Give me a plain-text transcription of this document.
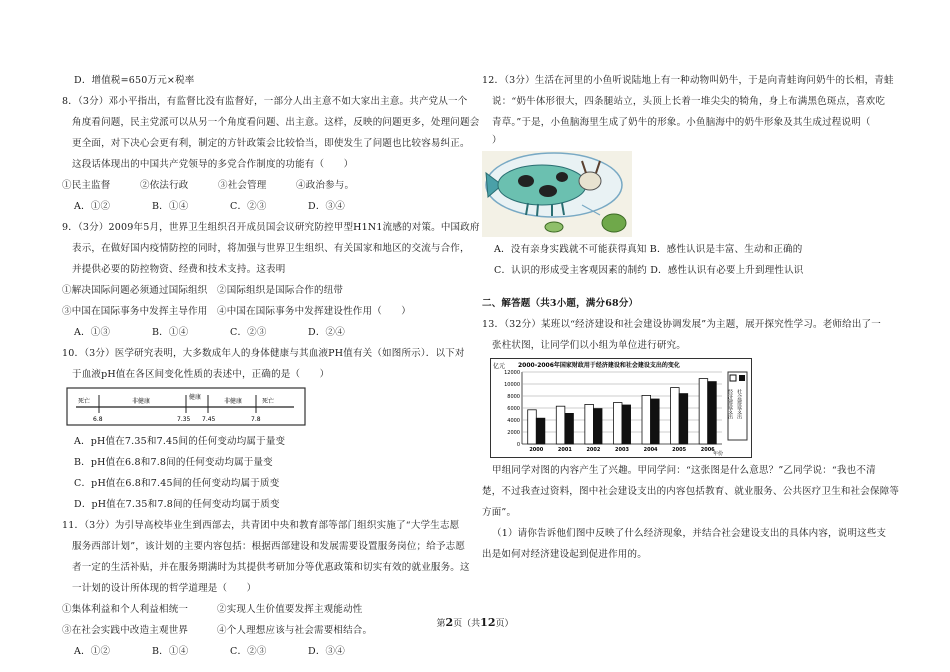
D．增值税=650万元×税率
8．（3分）邓小平指出，有监督比没有监督好，一部分人出主意不如大家出主意。共产党从一个
角度看问题，民主党派可以从另一个角度看问题、出主意。这样，反映的问题更多，处理问题会
更全面，对下决心会更有利，制定的方针政策会比较恰当，即使发生了问题也比较容易纠正。
这段话体现出的中国共产党领导的多党合作制度的功能有（　　）
①民主监督	②依法行政	③社会管理	④政治参与。
A．①②	B．①④	C．②③	D．③④
9．（3分）2009年5月，世界卫生组织召开成员国会议研究防控甲型H1N1流感的对策。中国政府
表示，在做好国内疫情防控的同时，将加强与世界卫生组织、有关国家和地区的交流与合作，
并提供必要的防控物资、经费和技术支持。这表明
①解决国际问题必须通过国际组织 ②国际组织是国际合作的纽带
③中国在国际事务中发挥主导作用 ④中国在国际事务中发挥建设性作用（　　）
A．①③	B．①④	C．②③	D．②④
10．（3分）医学研究表明，大多数成年人的身体健康与其血液PH值有关（如图所示）．以下对
于血液pH值在各区间变化性质的表述中，正确的是（　　）
死亡	非健康
健康
非健康	死亡
6.8	7.35 7.45	7.8
A．pH值在7.35和7.45间的任何变动均属于量变
B．pH值在6.8和7.8间的任何变动均属于量变
C．pH值在6.8和7.45间的任何变动均属于质变
D．pH值在7.35和7.8间的任何变动均属于质变
11．（3分）为引导高校毕业生到西部去，共青团中央和教育部等部门组织实施了“大学生志愿
服务西部计划”，该计划的主要内容包括：根据西部建设和发展需要设置服务岗位；给予志愿
者一定的生活补贴，并在服务期满时为其提供考研加分等优惠政策和切实有效的就业服务。这
一计划的设计所体现的哲学道理是（　　）
①集体利益和个人利益相统一	②实现人生价值要发挥主观能动性
③在社会实践中改造主观世界	④个人理想应该与社会需要相结合。
A．①②	B．①④	C．②③	D．③④
12．（3分）生活在河里的小鱼听说陆地上有一种动物叫奶牛，于是向青蛙询问奶牛的长相，青蛙
说：“奶牛体形很大，四条腿站立，头顶上长着一堆尖尖的犄角，身上布满黑色斑点，喜欢吃
青草。”于是，小鱼脑海里生成了奶牛的形象。小鱼脑海中的奶牛形象及其生成过程说明（
）
A．没有亲身实践就不可能获得真知 B．感性认识是丰富、生动和正确的
C．认识的形成受主客观因素的制约 D．感性认识有必要上升到理性认识
二、解答题（共3小题，满分68分）
13．（32分）某班以“经济建设和社会建设协调发展”为主题，展开探究性学习。老师给出了一
张柱状图，让同学们以小组为单位进行研究。
2000-2006年国家财政用于经济建设和社会建设支出的变化
亿元
年份
12000
10000
8000
6000
4000
2000
0
2000	2001	2002	2003	2004	2005	2006
经济建设支出 社会建设支出
甲组同学对图的内容产生了兴趣。甲同学问：“这张图是什么意思？”乙同学说：“我也不清
楚，不过我查过资料，图中社会建设支出的内容包括教育、就业服务、公共医疗卫生和社会保障等
方面”。
（1）请你告诉他们图中反映了什么经济现象，并结合社会建设支出的具体内容，说明这些支
出是如何对经济建设起到促进作用的。
第2页（共12页）
